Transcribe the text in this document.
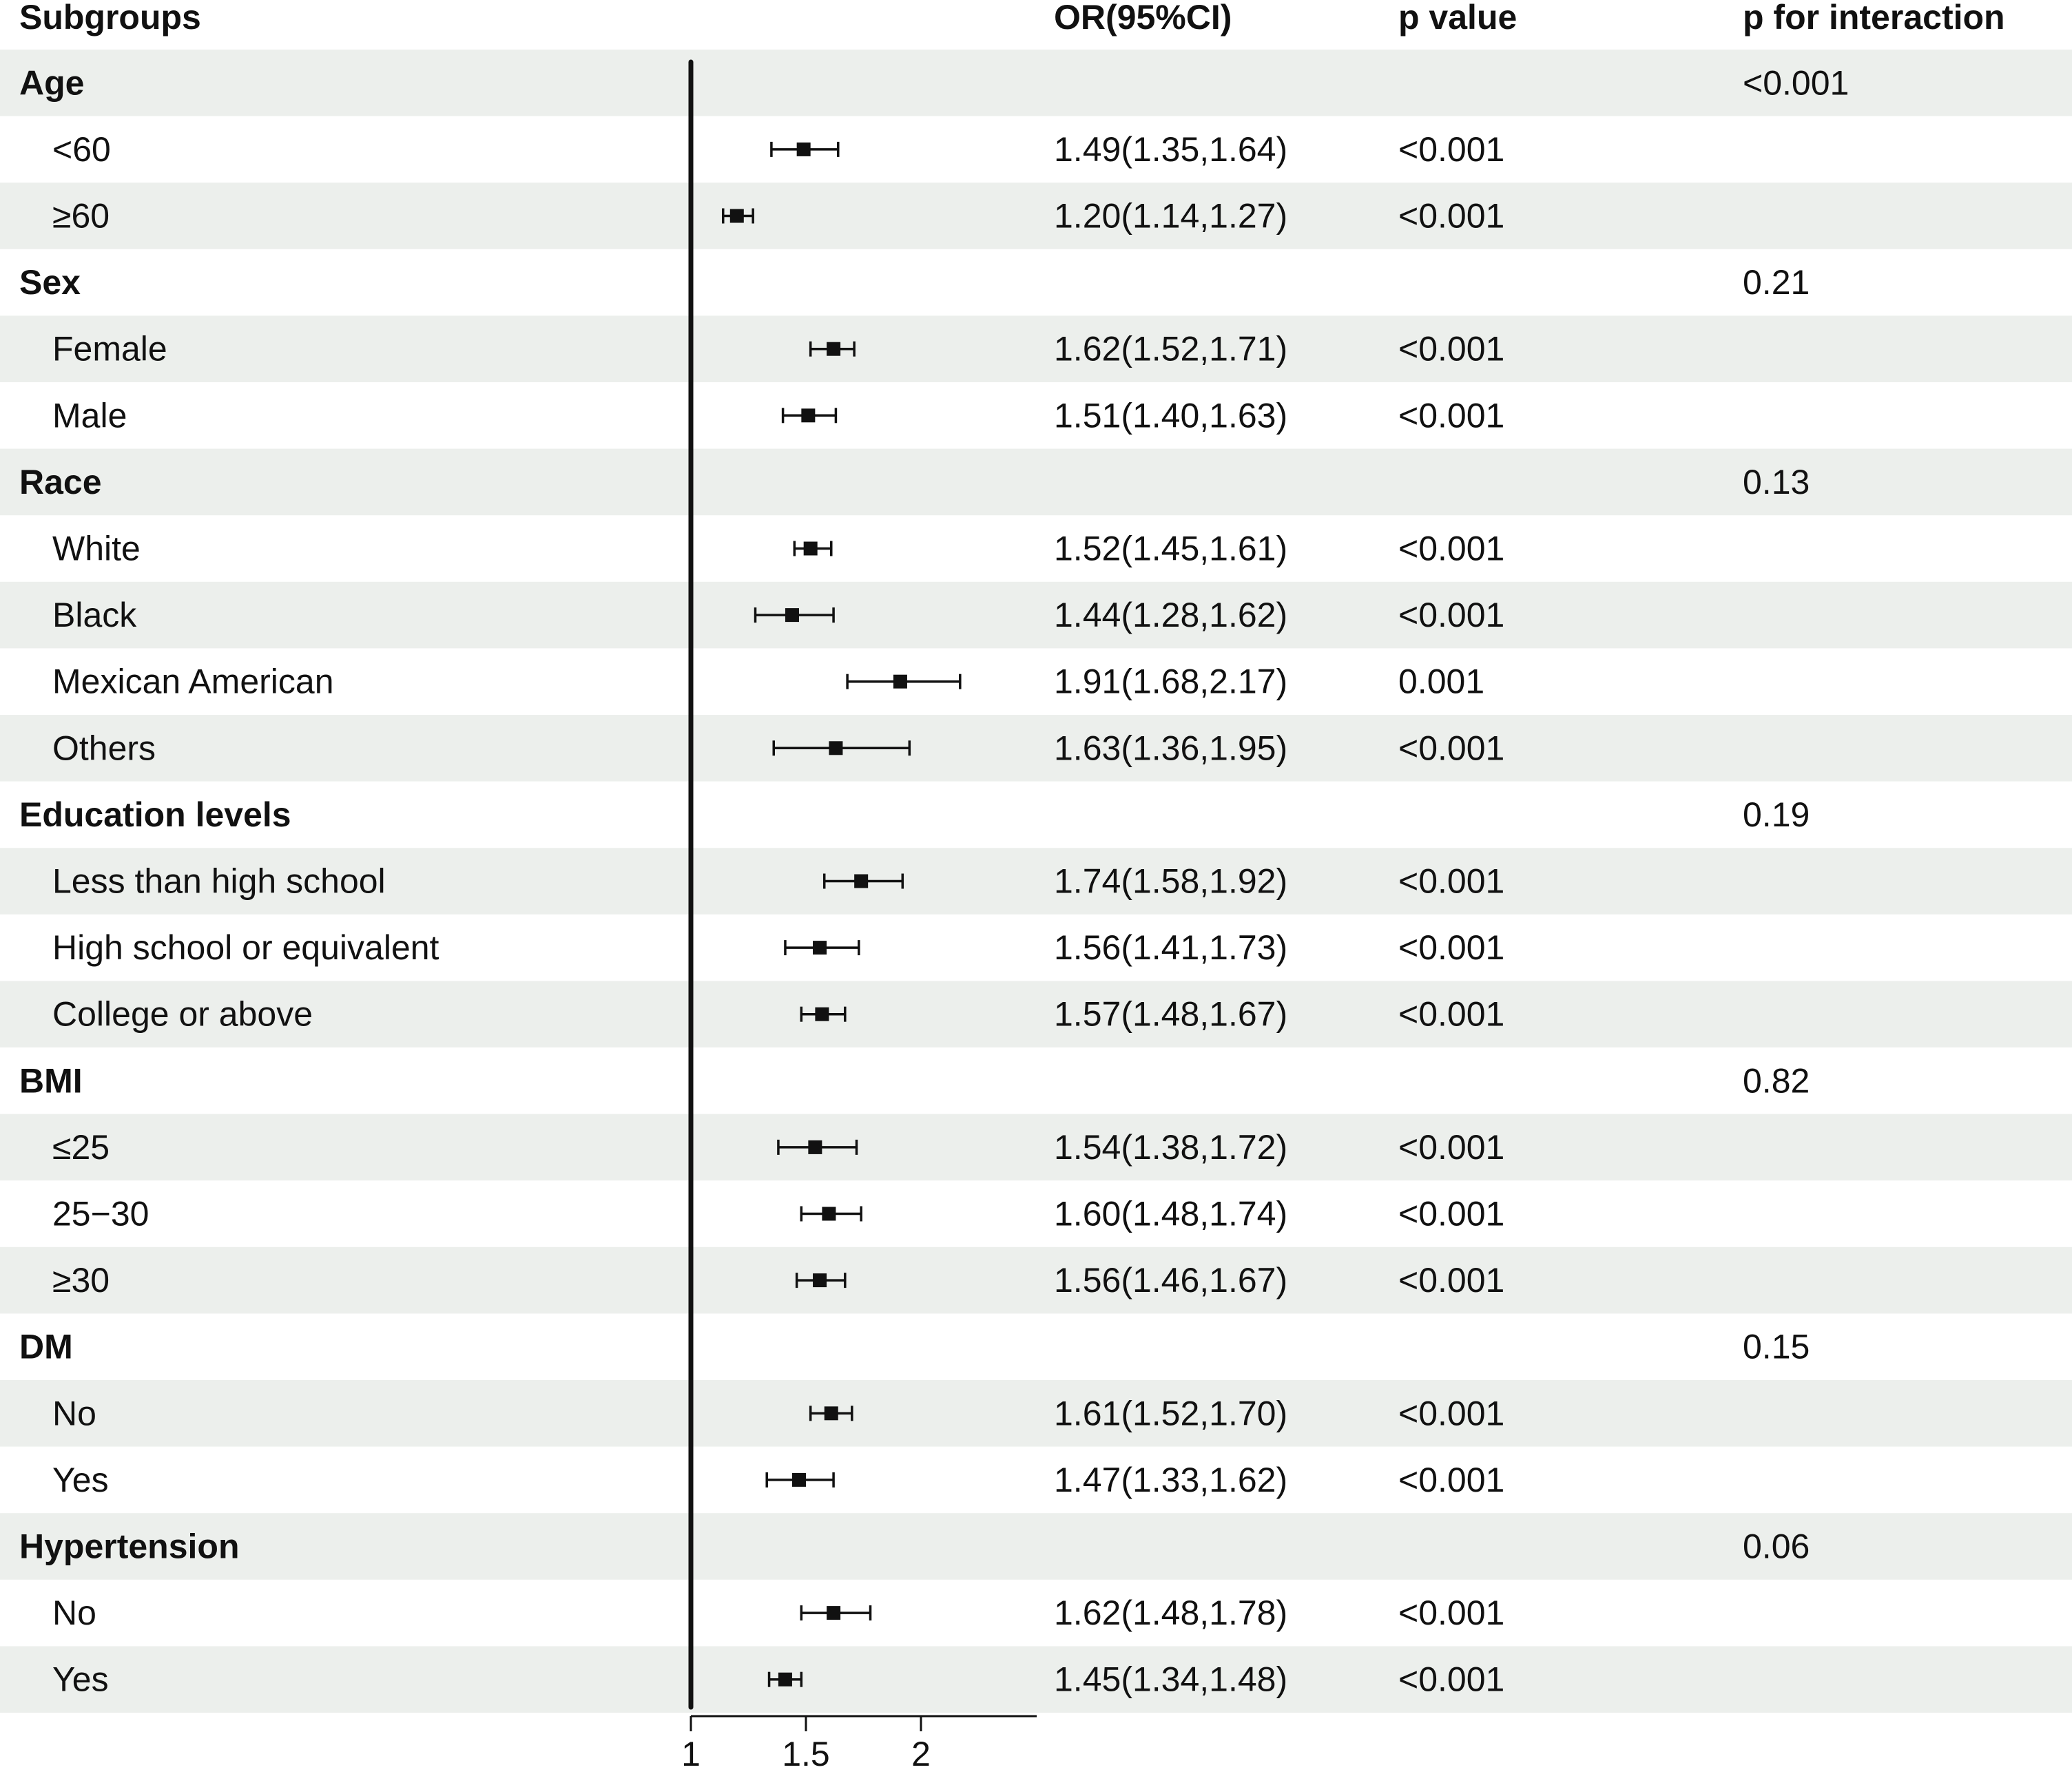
Subgroups	OR(95%CI)	p value	p for interaction
Age	<0.001
<60	1.49(1.35,1.64)	<0.001
≥60	1.20(1.14,1.27)	<0.001
Sex	0.21
Female	1.62(1.52,1.71)	<0.001
Male	1.51(1.40,1.63)	<0.001
Race	0.13
White	1.52(1.45,1.61)	<0.001
Black	1.44(1.28,1.62)	<0.001
Mexican American	1.91(1.68,2.17)	0.001
Others	1.63(1.36,1.95)	<0.001
Education levels	0.19
Less than high school	1.74(1.58,1.92)	<0.001
High school or equivalent	1.56(1.41,1.73)	<0.001
College or above	1.57(1.48,1.67)	<0.001
BMI	0.82
≤25	1.54(1.38,1.72)	<0.001
25−30	1.60(1.48,1.74)	<0.001
≥30	1.56(1.46,1.67)	<0.001
DM	0.15
No	1.61(1.52,1.70)	<0.001
Yes	1.47(1.33,1.62)	<0.001
Hypertension	0.06
No	1.62(1.48,1.78)	<0.001
Yes	1.45(1.34,1.48)	<0.001
1 1.5 2
